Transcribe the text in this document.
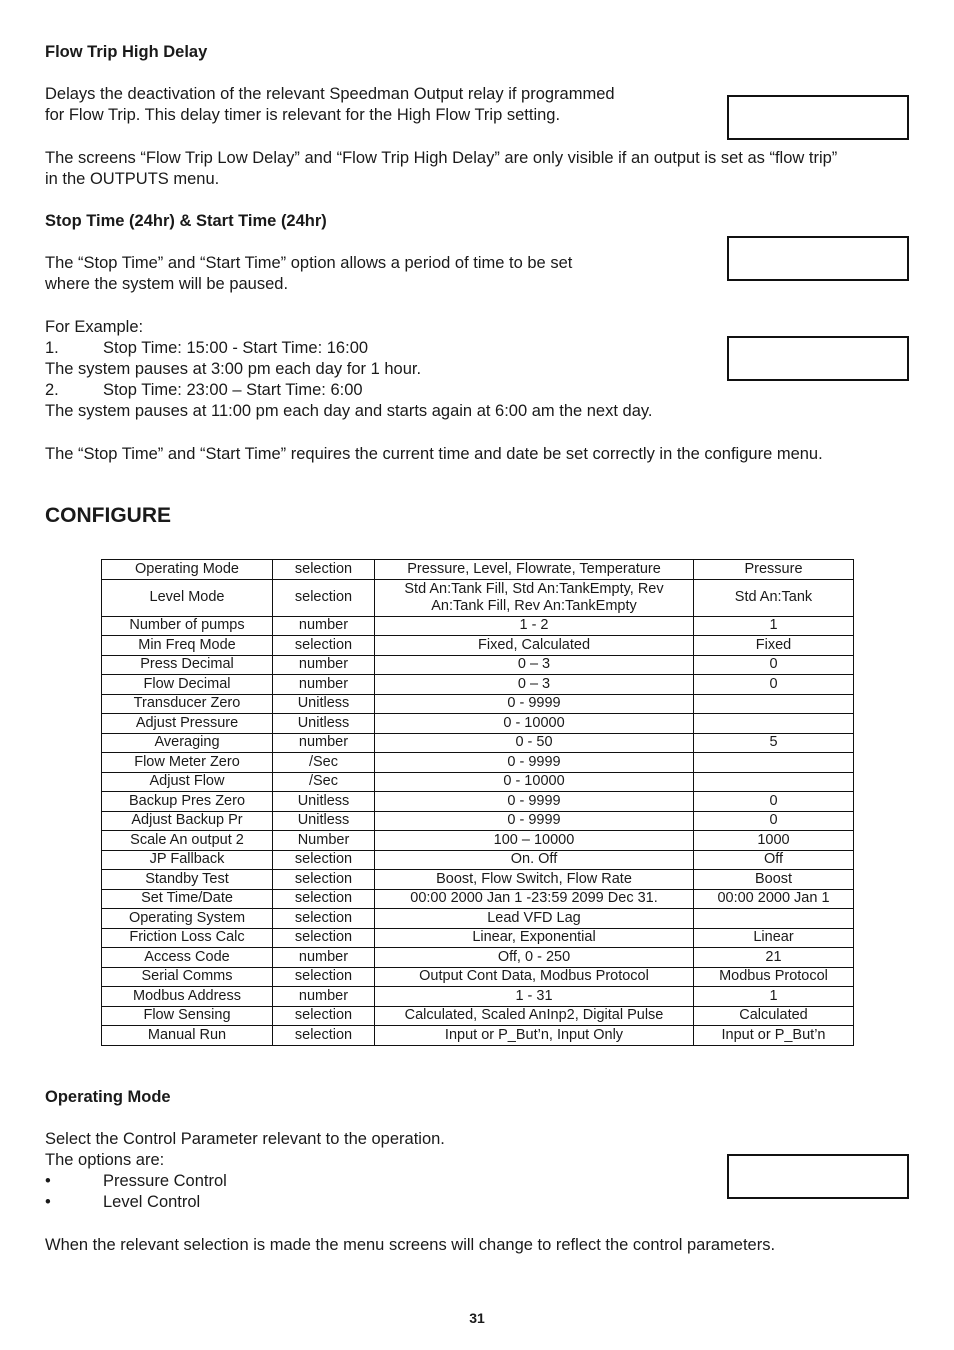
Flow Trip High Delay
Delays the deactivation of the relevant Speedman Output relay if programmed
for Flow Trip. This delay timer is relevant for the High Flow Trip setting.

The screens “Flow Trip Low Delay” and “Flow Trip High Delay” are only visible if an output is set as “flow trip”
in the OUTPUTS menu.
Stop Time (24hr) & Start Time (24hr)

The “Stop Time” and “Start Time” option allows a period of time to be set
where the system will be paused.
For Example:

1.	Stop Time: 15:00 - Start Time: 16:00
The system pauses at 3:00 pm each day for 1 hour.
2.	Stop Time: 23:00 – Start Time: 6:00
The system pauses at 11:00 pm each day and starts again at 6:00 am the next day.
The “Stop Time” and “Start Time” requires the current time and date be set correctly in the configure menu.
CONFIGURE
Operating Mode	selection	Pressure, Level, Flowrate, Temperature	Pressure
Level Mode	selection	Std An:Tank Fill, Std An:TankEmpty, Rev An:Tank Fill, Rev An:TankEmpty	Std An:Tank
Number of pumps	number	1 - 2	1
Min Freq Mode	selection	Fixed, Calculated	Fixed
Press Decimal	number	0 – 3	0
Flow Decimal	number	0 – 3	0
Transducer Zero	Unitless	0 - 9999	
Adjust Pressure	Unitless	0 - 10000	
Averaging	number	0 - 50	5
Flow Meter Zero	/Sec	0 - 9999	
Adjust Flow	/Sec	0 - 10000	
Backup Pres Zero	Unitless	0 - 9999	0
Adjust Backup Pr	Unitless	0 - 9999	0
Scale An output 2	Number	100 – 10000	1000
JP Fallback	selection	On. Off	Off
Standby Test	selection	Boost, Flow Switch, Flow Rate	Boost
Set Time/Date	selection	00:00 2000 Jan 1 -23:59 2099 Dec 31.	00:00 2000 Jan 1
Operating System	selection	Lead VFD Lag	
Friction Loss Calc	selection	Linear, Exponential	Linear
Access Code	number	Off, 0 - 250	21
Serial Comms	selection	Output Cont Data, Modbus Protocol	Modbus Protocol
Modbus Address	number	1 - 31	1
Flow Sensing	selection	Calculated, Scaled AnInp2, Digital Pulse	Calculated
Manual Run	selection	Input or P_But’n, Input Only	Input or P_But’n
Operating Mode
Select the Control Parameter relevant to the operation.
The options are:

•	Pressure Control
•	Level Control
When the relevant selection is made the menu screens will change to reflect the control parameters.
31
